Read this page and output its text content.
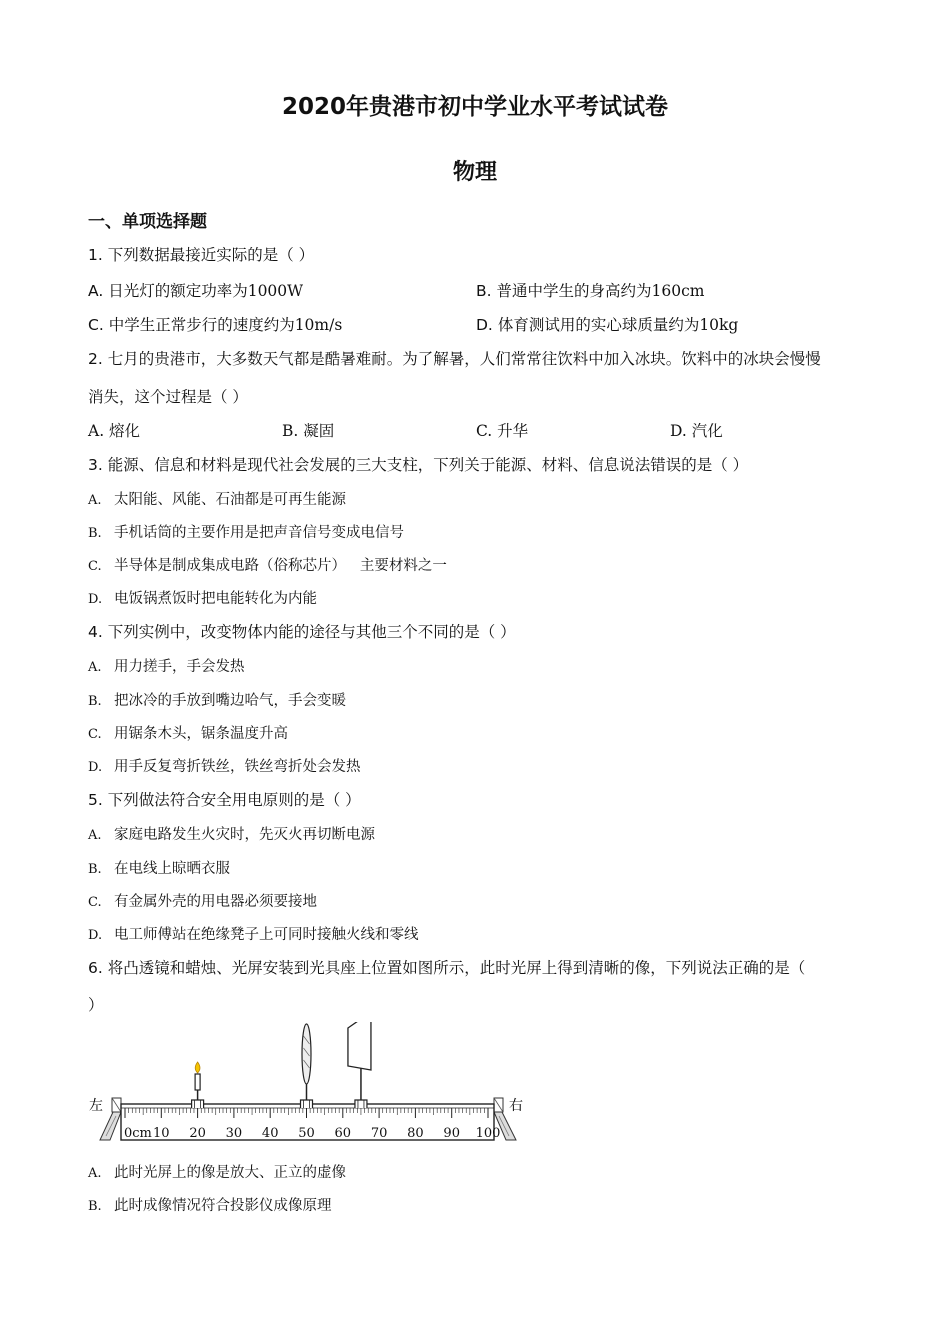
2020年贵港市初中学业水平考试试卷
物理
一、单项选择题
1. 下列数据最接近实际的是（ ）
A. 日光灯的额定功率为1000W	B. 普通中学生的身高约为160cm
C. 中学生正常步行的速度约为10m/s	D. 体育测试用的实心球质量约为10kg
2. 七月的贵港市，大多数天气都是酷暑难耐。为了解暑，人们常常往饮料中加入冰块。饮料中的冰块会慢慢
消失，这个过程是（ ）
A. 熔化	B. 凝固	C. 升华	D. 汽化
3. 能源、信息和材料是现代社会发展的三大支柱，下列关于能源、材料、信息说法错误的是（ ）
A. 太阳能、风能、石油都是可再生能源
B. 手机话筒的主要作用是把声音信号变成电信号
C. 半导体是制成集成电路（俗称芯片）   主要材料之一
D. 电饭锅煮饭时把电能转化为内能
4. 下列实例中，改变物体内能的途径与其他三个不同的是（ ）
A. 用力搓手，手会发热
B. 把冰冷的手放到嘴边哈气，手会变暖
C. 用锯条木头，锯条温度升高
D. 用手反复弯折铁丝，铁丝弯折处会发热
5. 下列做法符合安全用电原则的是（ ）
A. 家庭电路发生火灾时，先灭火再切断电源
B. 在电线上晾晒衣服
C. 有金属外壳的用电器必须要接地
D. 电工师傅站在绝缘凳子上可同时接触火线和零线
6. 将凸透镜和蜡烛、光屏安装到光具座上位置如图所示，此时光屏上得到清晰的像，下列说法正确的是（
）
左	右
0cm 10 20 30 40 50 60 70 80 90 100
A. 此时光屏上的像是放大、正立的虚像
B. 此时成像情况符合投影仪成像原理
